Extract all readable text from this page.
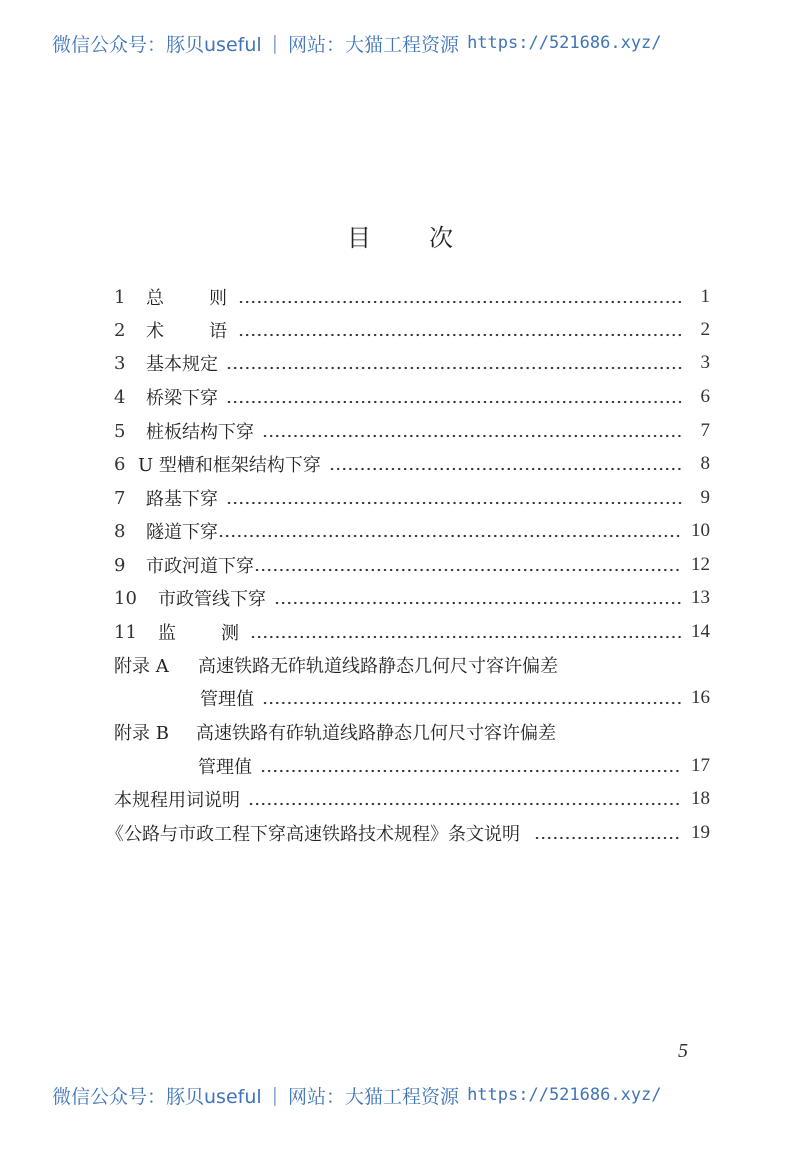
微信公众号：豚贝useful | 网站：大猫工程资源 https://521686.xyz/
目 次
1	总　　则	1
2	术　　语	2
3	基本规定	3
4	桥梁下穿	6
5	桩板结构下穿	7
6 U 型槽和框架结构下穿	8
7	路基下穿	9
8	隧道下穿	10
9	市政河道下穿	12
10	市政管线下穿	13
11	监　　测	14
附录 A	高速铁路无砟轨道线路静态几何尺寸容许偏差
管理值	16
附录 B	高速铁路有砟轨道线路静态几何尺寸容许偏差
管理值	17
本规程用词说明	18
《公路与市政工程下穿高速铁路技术规程》条文说明	19
5
微信公众号：豚贝useful | 网站：大猫工程资源 https://521686.xyz/
